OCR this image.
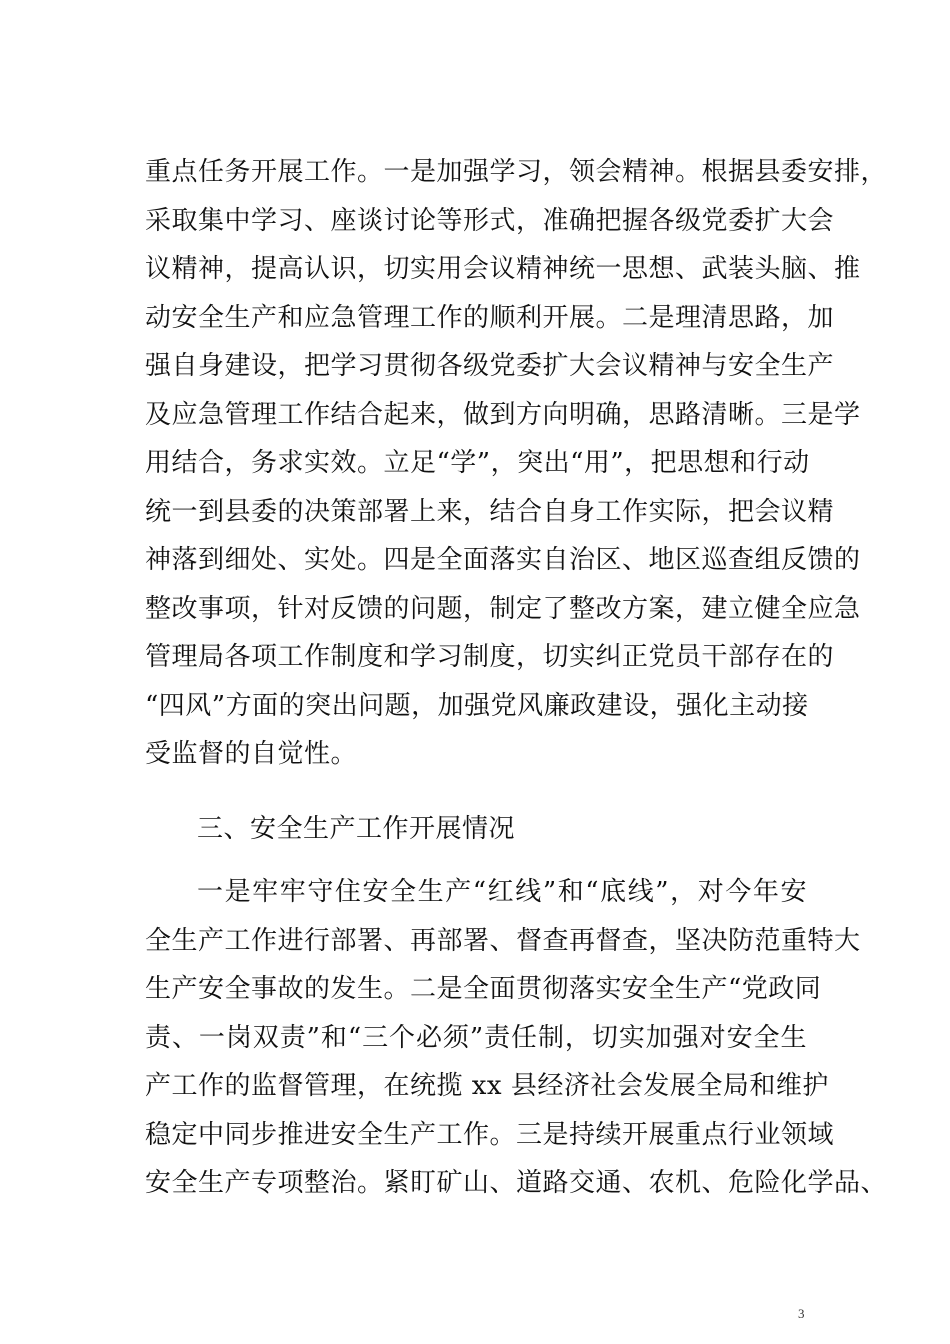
重点任务开展工作。一是加强学习，领会精神。根据县委安排，
采取集中学习、座谈讨论等形式，准确把握各级党委扩大会
议精神，提高认识，切实用会议精神统一思想、武装头脑、推
动安全生产和应急管理工作的顺利开展。二是理清思路，加
强自身建设，把学习贯彻各级党委扩大会议精神与安全生产
及应急管理工作结合起来，做到方向明确，思路清晰。三是学
用结合，务求实效。立足“学”，突出“用”，把思想和行动
统一到县委的决策部署上来，结合自身工作实际，把会议精
神落到细处、实处。四是全面落实自治区、地区巡查组反馈的
整改事项，针对反馈的问题，制定了整改方案，建立健全应急
管理局各项工作制度和学习制度，切实纠正党员干部存在的
“四风”方面的突出问题，加强党风廉政建设，强化主动接
受监督的自觉性。
三、安全生产工作开展情况
一是牢牢守住安全生产“红线”和“底线”，对今年安
全生产工作进行部署、再部署、督查再督查，坚决防范重特大
生产安全事故的发生。二是全面贯彻落实安全生产“党政同
责、一岗双责”和“三个必须”责任制，切实加强对安全生
产工作的监督管理，在统揽 xx 县经济社会发展全局和维护
稳定中同步推进安全生产工作。三是持续开展重点行业领域
安全生产专项整治。紧盯矿山、道路交通、农机、危险化学品、
3
